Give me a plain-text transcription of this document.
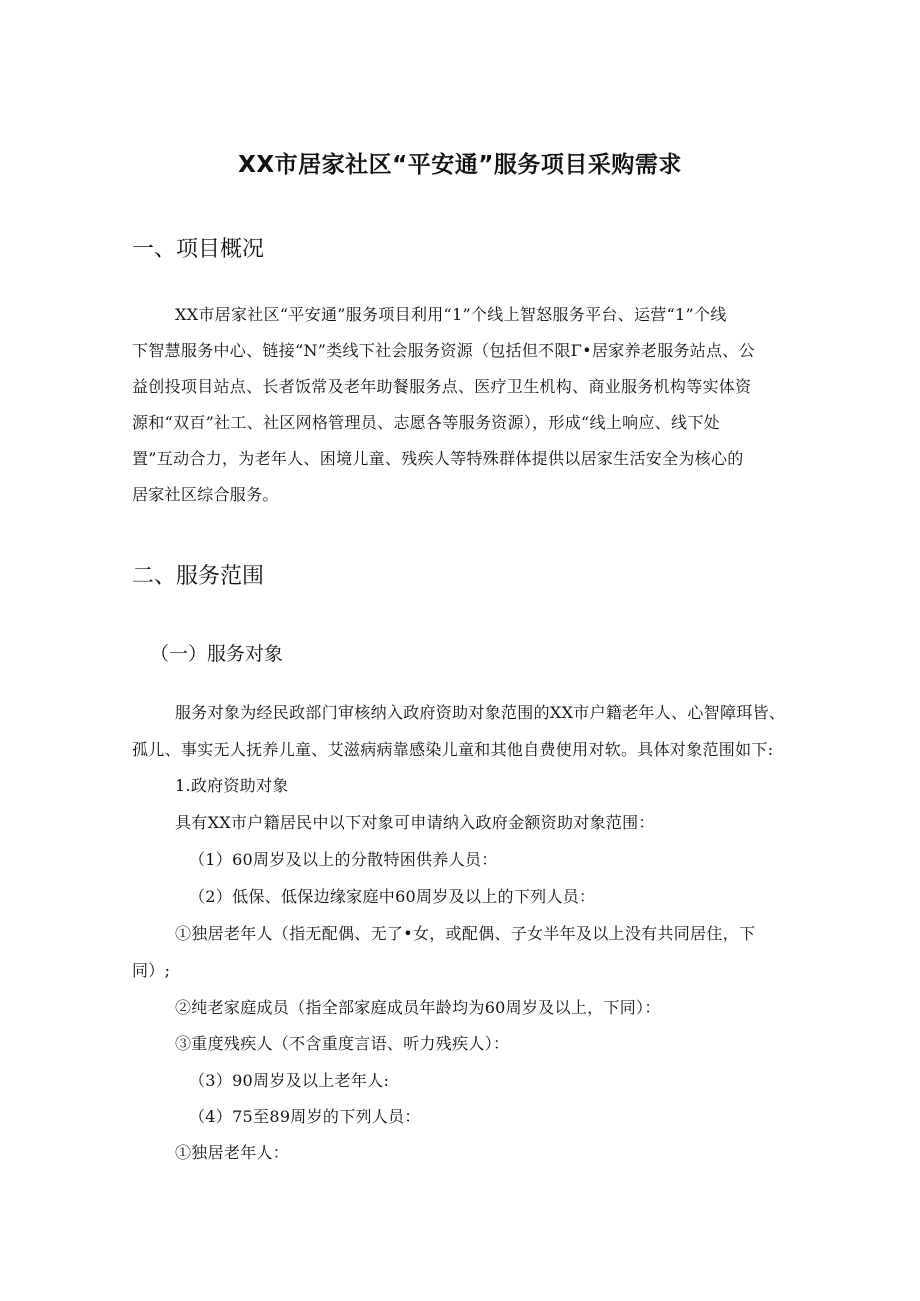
XX市居家社区“平安通”服务项目采购需求
一、项目概况
XX市居家社区“平安通”服务项目利用“1”个线上智怒服务平台、运营“1”个线
下智慧服务中心、链接“N”类线下社会服务资源（包括但不限Γ•居家养老服务站点、公
益创投项目站点、长者饭常及老年助餐服务点、医疗卫生机构、商业服务机构等实体资
源和“双百”社工、社区网格管理员、志愿各等服务资源），形成“线上响应、线下处
置”互动合力，为老年人、困境儿童、残疾人等特殊群体提供以居家生活安全为核心的
居家社区综合服务。
二、服务范围
（一）服务对象
服务对象为经民政部门审核纳入政府资助对象范围的XX市户籍老年人、心智障珥皆、
孤儿、事实无人抚养儿童、艾滋病病靠感染儿童和其他自费使用对软。具体对象范围如下:
1.政府资助对象
具有XX市户籍居民中以下对象可申请纳入政府金额资助对象范围：
（1）60周岁及以上的分散特困供养人员：
（2）低保、低保边缘家庭中60周岁及以上的下列人员：
①独居老年人（指无配偶、无了•女，或配偶、子女半年及以上没有共同居住，下
同）;
②纯老家庭成员（指全部家庭成员年龄均为60周岁及以上，下同）：
③重度残疾人（不含重度言语、听力残疾人）：
（3）90周岁及以上老年人:
（4）75至89周岁的下列人员：
①独居老年人：
